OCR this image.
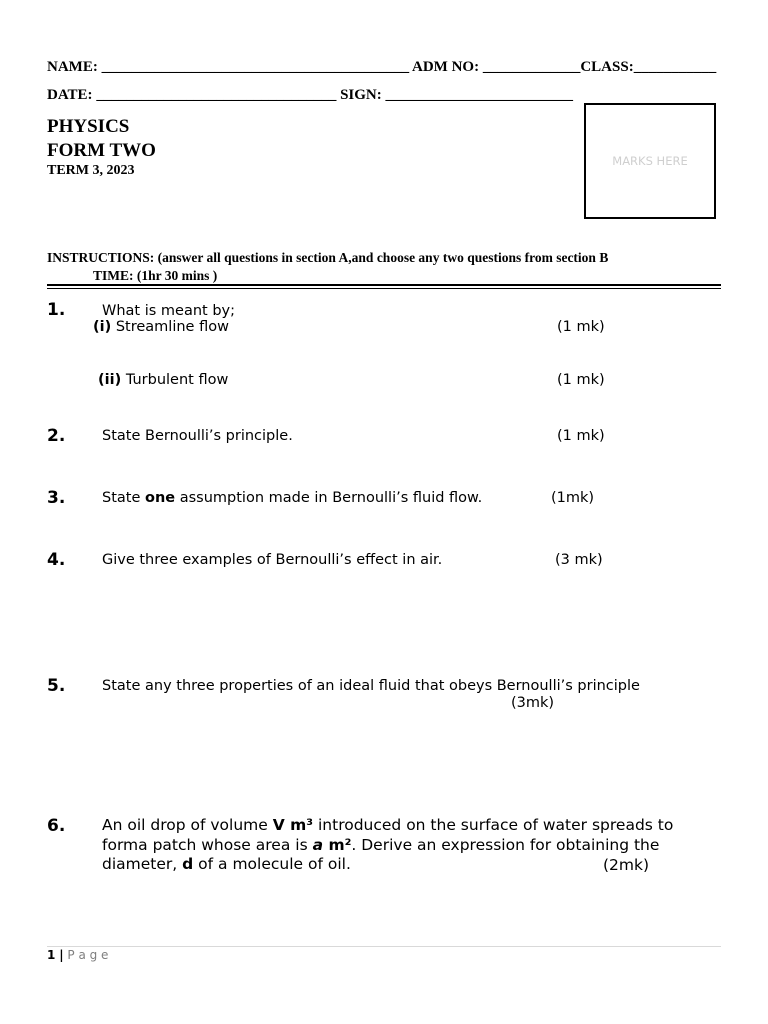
NAME: _________________________________________ ADM NO: _____________CLASS:___________
DATE: ________________________________ SIGN: _________________________
PHYSICS
FORM TWO
TERM 3, 2023
MARKS HERE
INSTRUCTIONS: (answer all questions in section A,and choose any two questions from section B
TIME: (1hr 30 mins )
1.	What is meant by;
(i) Streamline flow	(1 mk)
(ii) Turbulent flow	(1 mk)
2.	State Bernoulli’s principle.	(1 mk)
3.	State one assumption made in Bernoulli’s fluid flow.	(1mk)
4.	Give three examples of Bernoulli’s effect in air.	(3 mk)
5.	State any three properties of an ideal fluid that obeys Bernoulli’s principle
(3mk)
6. An oil drop of volume V m³ introduced on the surface of water spreads to forma patch whose area is a m². Derive an expression for obtaining the diameter, d of a molecule of oil.	(2mk)
1 | P a g e
